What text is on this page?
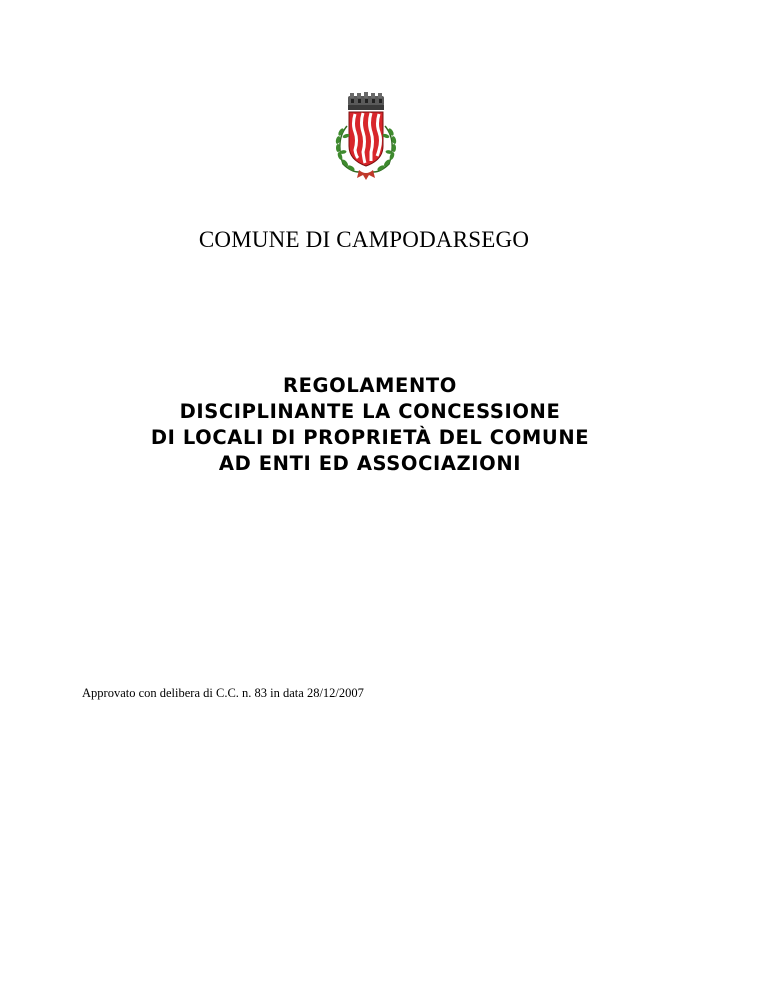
COMUNE DI CAMPODARSEGO
REGOLAMENTO
DISCIPLINANTE LA CONCESSIONE
DI LOCALI DI PROPRIETÀ DEL COMUNE
AD ENTI ED ASSOCIAZIONI
Approvato con delibera di C.C. n. 83 in data 28/12/2007
